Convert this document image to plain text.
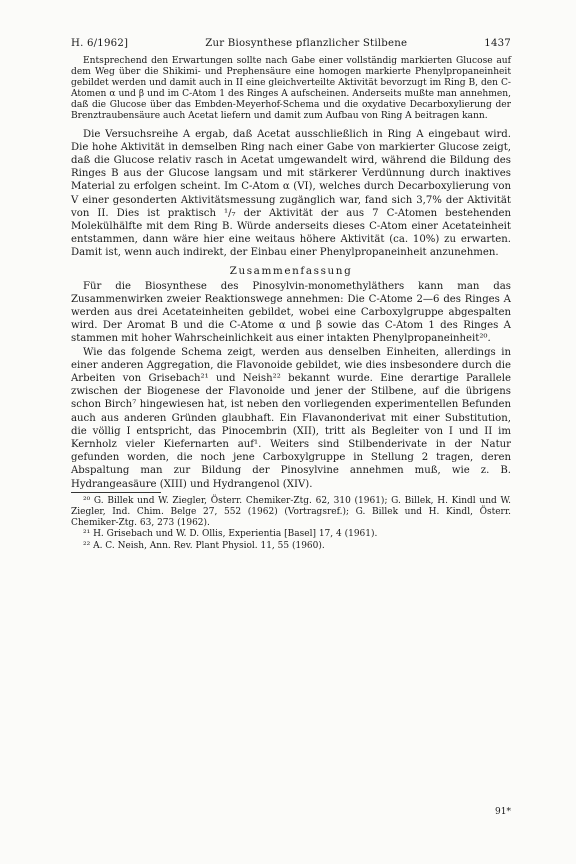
H. 6/1962]	Zur Biosynthese pflanzlicher Stilbene	1437

Entsprechend den Erwartungen sollte nach Gabe einer vollständig markierten Glucose auf dem Weg über die Shikimi- und Prephensäure eine homogen markierte Phenylpropaneinheit gebildet werden und damit auch in II eine gleichverteilte Aktivität bevorzugt im Ring B, den C-Atomen α und β und im C-Atom 1 des Ringes A aufscheinen. Anderseits mußte man annehmen, daß die Glucose über das Embden-Meyerhof-Schema und die oxydative Decarboxylierung der Brenztraubensäure auch Acetat liefern und damit zum Aufbau von Ring A beitragen kann.

Die Versuchsreihe A ergab, daß Acetat ausschließlich in Ring A eingebaut wird. Die hohe Aktivität in demselben Ring nach einer Gabe von markierter Glucose zeigt, daß die Glucose relativ rasch in Acetat umgewandelt wird, während die Bildung des Ringes B aus der Glucose langsam und mit stärkerer Verdünnung durch inaktives Material zu erfolgen scheint. Im C-Atom α (VI), welches durch Decarboxylierung von V einer gesonderten Aktivitätsmessung zugänglich war, fand sich 3,7% der Aktivität von II. Dies ist praktisch ¹/₇ der Aktivität der aus 7 C-Atomen bestehenden Molekülhälfte mit dem Ring B. Würde anderseits dieses C-Atom einer Acetateinheit entstammen, dann wäre hier eine weitaus höhere Aktivität (ca. 10%) zu erwarten. Damit ist, wenn auch indirekt, der Einbau einer Phenylpropaneinheit anzunehmen.

Zusammenfassung

Für die Biosynthese des Pinosylvin-monomethyläthers kann man das Zusammenwirken zweier Reaktionswege annehmen: Die C-Atome 2—6 des Ringes A werden aus drei Acetateinheiten gebildet, wobei eine Carboxylgruppe abgespalten wird. Der Aromat B und die C-Atome α und β sowie das C-Atom 1 des Ringes A stammen mit hoher Wahrscheinlichkeit aus einer intakten Phenylpropaneinheit²⁰.

Wie das folgende Schema zeigt, werden aus denselben Einheiten, allerdings in einer anderen Aggregation, die Flavonoide gebildet, wie dies insbesondere durch die Arbeiten von Grisebach²¹ und Neish²² bekannt wurde. Eine derartige Parallele zwischen der Biogenese der Flavonoide und jener der Stilbene, auf die übrigens schon Birch⁷ hingewiesen hat, ist neben den vorliegenden experimentellen Befunden auch aus anderen Gründen glaubhaft. Ein Flavanonderivat mit einer Substitution, die völlig I entspricht, das Pinocembrin (XII), tritt als Begleiter von I und II im Kernholz vieler Kiefernarten auf¹. Weiters sind Stilbenderivate in der Natur gefunden worden, die noch jene Carboxylgruppe in Stellung 2 tragen, deren Abspaltung man zur Bildung der Pinosylvine annehmen muß, wie z. B. Hydrangeasäure (XIII) und Hydrangenol (XIV).

²⁰ G. Billek und W. Ziegler, Österr. Chemiker-Ztg. 62, 310 (1961); G. Billek, H. Kindl und W. Ziegler, Ind. Chim. Belge 27, 552 (1962) (Vortragsref.); G. Billek und H. Kindl, Österr. Chemiker-Ztg. 63, 273 (1962).

²¹ H. Grisebach und W. D. Ollis, Experientia [Basel] 17, 4 (1961).

²² A. C. Neish, Ann. Rev. Plant Physiol. 11, 55 (1960).

91*
